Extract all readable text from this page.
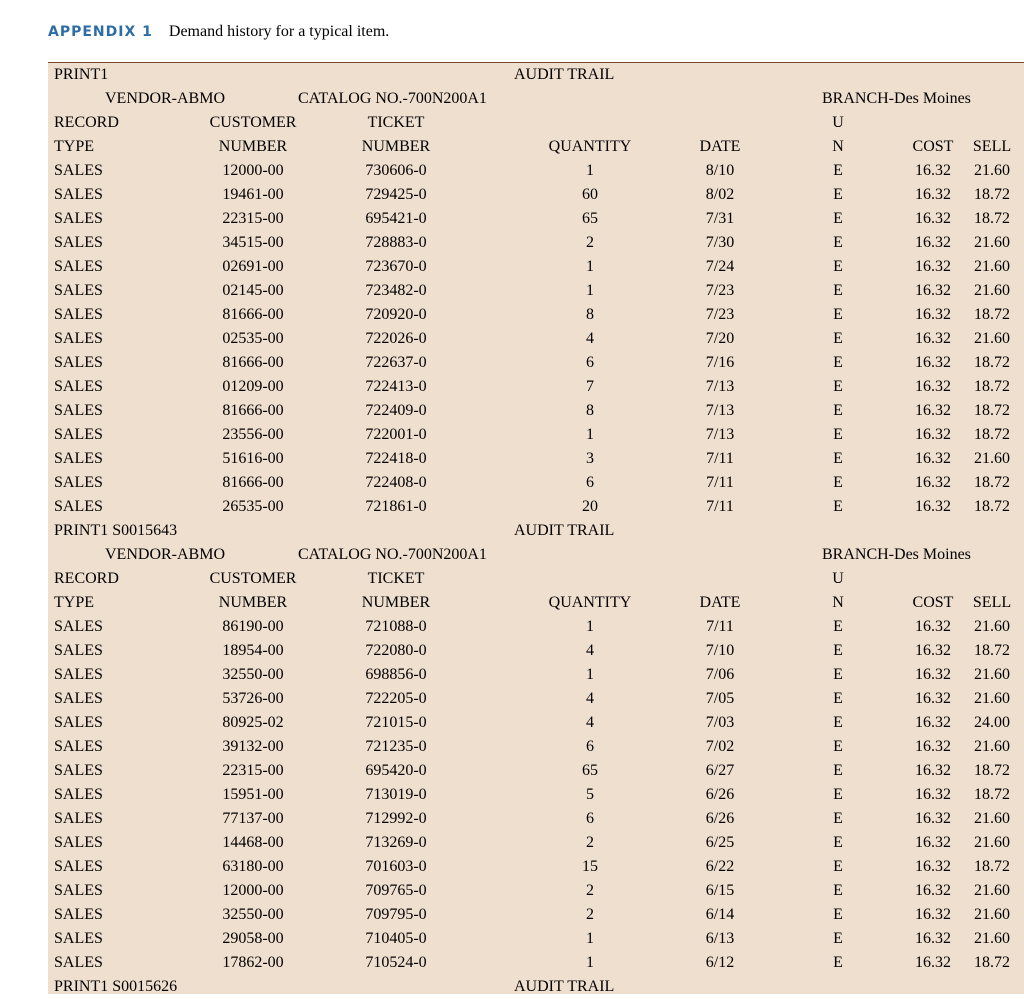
APPENDIX 1 Demand history for a typical item.
PRINT1	AUDIT TRAIL
VENDOR-ABMO	CATALOG NO.-700N200A1	BRANCH-Des Moines
RECORD	CUSTOMER	TICKET	U
TYPE	NUMBER	NUMBER	QUANTITY	DATE	N	COST	SELL
SALES	12000-00	730606-0	1	8/10	E	16.32	21.60
SALES	19461-00	729425-0	60	8/02	E	16.32	18.72
SALES	22315-00	695421-0	65	7/31	E	16.32	18.72
SALES	34515-00	728883-0	2	7/30	E	16.32	21.60
SALES	02691-00	723670-0	1	7/24	E	16.32	21.60
SALES	02145-00	723482-0	1	7/23	E	16.32	21.60
SALES	81666-00	720920-0	8	7/23	E	16.32	18.72
SALES	02535-00	722026-0	4	7/20	E	16.32	21.60
SALES	81666-00	722637-0	6	7/16	E	16.32	18.72
SALES	01209-00	722413-0	7	7/13	E	16.32	18.72
SALES	81666-00	722409-0	8	7/13	E	16.32	18.72
SALES	23556-00	722001-0	1	7/13	E	16.32	18.72
SALES	51616-00	722418-0	3	7/11	E	16.32	21.60
SALES	81666-00	722408-0	6	7/11	E	16.32	18.72
SALES	26535-00	721861-0	20	7/11	E	16.32	18.72
PRINT1 S0015643	AUDIT TRAIL
VENDOR-ABMO	CATALOG NO.-700N200A1	BRANCH-Des Moines
RECORD	CUSTOMER	TICKET	U
TYPE	NUMBER	NUMBER	QUANTITY	DATE	N	COST	SELL
SALES	86190-00	721088-0	1	7/11	E	16.32	21.60
SALES	18954-00	722080-0	4	7/10	E	16.32	18.72
SALES	32550-00	698856-0	1	7/06	E	16.32	21.60
SALES	53726-00	722205-0	4	7/05	E	16.32	21.60
SALES	80925-02	721015-0	4	7/03	E	16.32	24.00
SALES	39132-00	721235-0	6	7/02	E	16.32	21.60
SALES	22315-00	695420-0	65	6/27	E	16.32	18.72
SALES	15951-00	713019-0	5	6/26	E	16.32	18.72
SALES	77137-00	712992-0	6	6/26	E	16.32	21.60
SALES	14468-00	713269-0	2	6/25	E	16.32	21.60
SALES	63180-00	701603-0	15	6/22	E	16.32	18.72
SALES	12000-00	709765-0	2	6/15	E	16.32	21.60
SALES	32550-00	709795-0	2	6/14	E	16.32	21.60
SALES	29058-00	710405-0	1	6/13	E	16.32	21.60
SALES	17862-00	710524-0	1	6/12	E	16.32	18.72
PRINT1 S0015626	AUDIT TRAIL
